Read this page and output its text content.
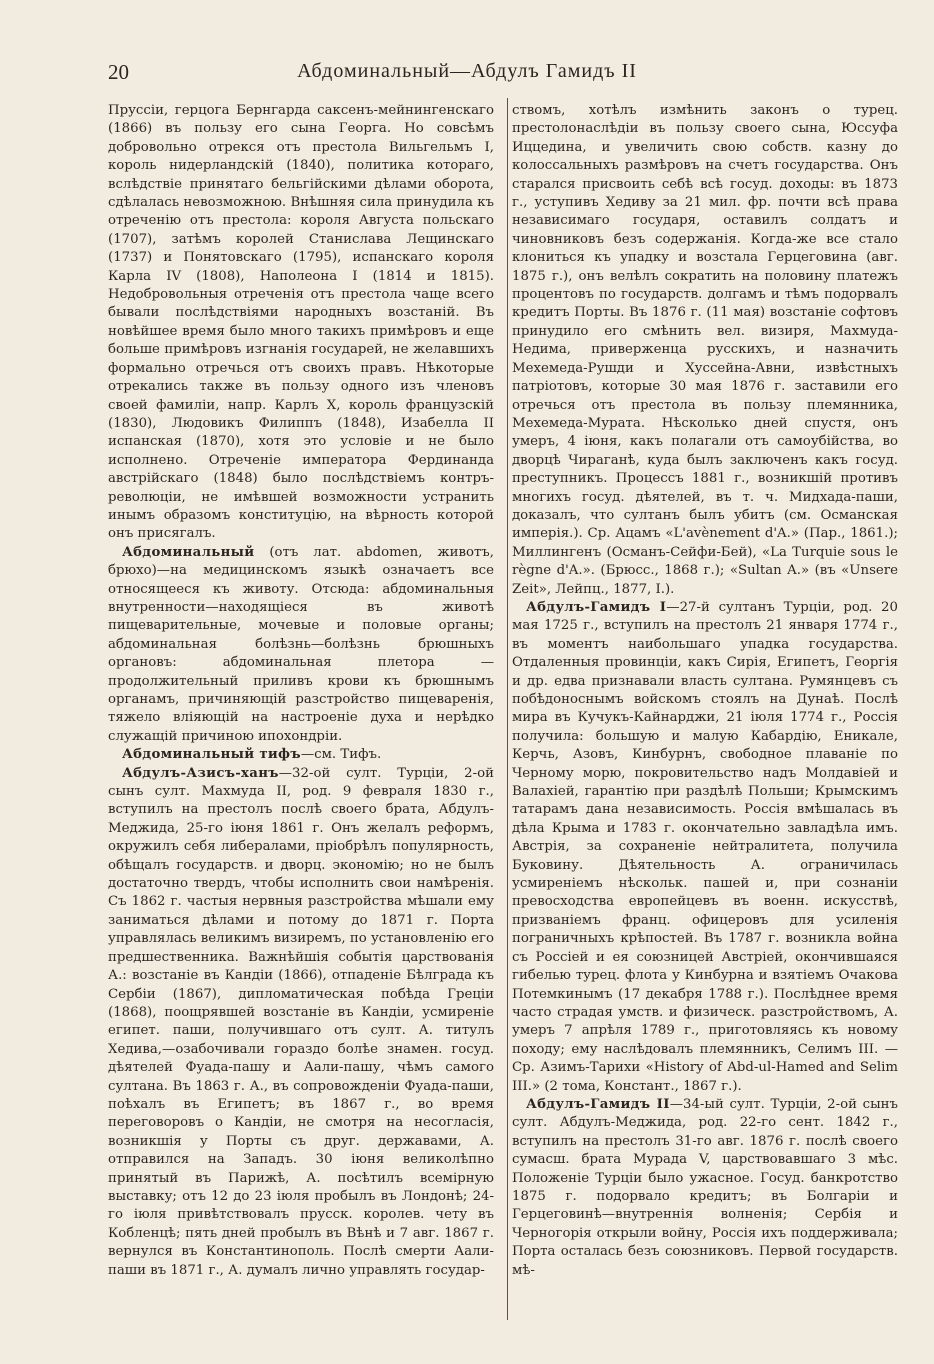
20	Абдоминальный—Абдулъ Гамидъ II

Пруссіи, герцога Бернгарда саксенъ-мейнингенскаго (1866) въ пользу его сына Георга. Но совсѣмъ добровольно отрекся отъ престола Вильгельмъ I, король нидерландскій (1840), политика котораго, вслѣдствіе принятаго бельгійскими дѣлами оборота, сдѣлалась невозможною. Внѣшняя сила принудила къ отреченію отъ престола: короля Августа польскаго (1707), затѣмъ королей Станислава Лещинскаго (1737) и Понятовскаго (1795), испанскаго короля Карла IV (1808), Наполеона I (1814 и 1815). Недобровольныя отреченія отъ престола чаще всего бывали послѣдствіями народныхъ возстаній. Въ новѣйшее время было много такихъ примѣровъ и еще больше примѣровъ изгнанія государей, не желавшихъ формально отречься отъ своихъ правъ. Нѣкоторые отрекались также въ пользу одного изъ членовъ своей фамиліи, напр. Карлъ X, король французскій (1830), Людовикъ Филиппъ (1848), Изабелла II испанская (1870), хотя это условіе и не было исполнено. Отреченіе императора Фердинанда австрійскаго (1848) было послѣдствіемъ контръ-революціи, не имѣвшей возможности устранить инымъ образомъ конституцію, на вѣрность которой онъ присягалъ.

Абдоминальный (отъ лат. abdomen, животъ, брюхо)—на медицинскомъ языкѣ означаетъ все относящееся къ животу. Отсюда: абдоминальныя внутренности—находящіеся въ животѣ пищеварительные, мочевые и половые органы; абдоминальная болѣзнь—болѣзнь брюшныхъ органовъ: абдоминальная плетора — продолжительный приливъ крови къ брюшнымъ органамъ, причиняющій разстройство пищеваренія, тяжело вліяющій на настроеніе духа и нерѣдко служащій причиною ипохондріи.

Абдоминальный тифъ—см. Тифъ.

Абдулъ-Азисъ-ханъ—32-ой султ. Турціи, 2-ой сынъ султ. Махмуда II, род. 9 февраля 1830 г., вступилъ на престолъ послѣ своего брата, Абдулъ-Меджида, 25-го іюня 1861 г. Онъ желалъ реформъ, окружилъ себя либералами, пріобрѣлъ популярность, обѣщалъ государств. и дворц. экономію; но не былъ достаточно твердъ, чтобы исполнить свои намѣренія. Съ 1862 г. частыя нервныя разстройства мѣшали ему заниматься дѣлами и потому до 1871 г. Порта управлялась великимъ визиремъ, по установленію его предшественника. Важнѣйшія событія царствованія А.: возстаніе въ Кандіи (1866), отпаденіе Бѣлграда къ Сербіи (1867), дипломатическая побѣда Греціи (1868), поощрявшей возстаніе въ Кандіи, усмиреніе египет. паши, получившаго отъ султ. А. титулъ Хедива,—озабочивали гораздо болѣе знамен. госуд. дѣятелей Фуада-пашу и Аали-пашу, чѣмъ самого султана. Въ 1863 г. А., въ сопровожденіи Фуада-паши, поѣхалъ въ Египетъ; въ 1867 г., во время переговоровъ о Кандіи, не смотря на несогласія, возникшія у Порты съ друг. державами, А. отправился на Западъ. 30 іюня великолѣпно принятый въ Парижѣ, А. посѣтилъ всемірную выставку; отъ 12 до 23 іюля пробылъ въ Лондонѣ; 24-го іюля привѣтствовалъ прусск. королев. чету въ Кобленцѣ; пять дней пробылъ въ Вѣнѣ и 7 авг. 1867 г. вернулся въ Константинополь. Послѣ смерти Аали-паши въ 1871 г., А. думалъ лично управлять государ-

ствомъ, хотѣлъ измѣнить законъ о турец. престолонаслѣдіи въ пользу своего сына, Юссуфа Иццедина, и увеличить свою собств. казну до колоссальныхъ размѣровъ на счетъ государства. Онъ старался присвоить себѣ всѣ госуд. доходы: въ 1873 г., уступивъ Хедиву за 21 мил. фр. почти всѣ права независимаго государя, оставилъ солдатъ и чиновниковъ безъ содержанія. Когда-же все стало клониться къ упадку и возстала Герцеговина (авг. 1875 г.), онъ велѣлъ сократить на половину платежъ процентовъ по государств. долгамъ и тѣмъ подорвалъ кредитъ Порты. Въ 1876 г. (11 мая) возстаніе софтовъ принудило его смѣнить вел. визиря, Махмуда-Недима, приверженца русскихъ, и назначить Мехемеда-Рушди и Хуссейна-Авни, извѣстныхъ патріотовъ, которые 30 мая 1876 г. заставили его отречься отъ престола въ пользу племянника, Мехемеда-Мурата. Нѣсколько дней спустя, онъ умеръ, 4 іюня, какъ полагали отъ самоубійства, во дворцѣ Чираганѣ, куда былъ заключенъ какъ госуд. преступникъ. Процессъ 1881 г., возникшій противъ многихъ госуд. дѣятелей, въ т. ч. Мидхада-паши, доказалъ, что султанъ былъ убитъ (см. Османская имперія.). Ср. Ацамъ «L'avènement d'A.» (Пар., 1861.); Миллингенъ (Османъ-Сейфи-Бей), «La Turquie sous le règne d'A.». (Брюсс., 1868 г.); «Sultan A.» (въ «Unsere Zeit», Лейпц., 1877, I.).

Абдулъ-Гамидъ I—27-й султанъ Турціи, род. 20 мая 1725 г., вступилъ на престолъ 21 января 1774 г., въ моментъ наибольшаго упадка государства. Отдаленныя провинціи, какъ Сирія, Египетъ, Георгія и др. едва признавали власть султана. Румянцевъ съ побѣдоноснымъ войскомъ стоялъ на Дунаѣ. Послѣ мира въ Кучукъ-Кайнарджи, 21 іюля 1774 г., Россія получила: большую и малую Кабардію, Еникале, Керчь, Азовъ, Кинбурнъ, свободное плаваніе по Черному морю, покровительство надъ Молдавіей и Валахіей, гарантію при раздѣлѣ Польши; Крымскимъ татарамъ дана независимость. Россія вмѣшалась въ дѣла Крыма и 1783 г. окончательно завладѣла имъ. Австрія, за сохраненіе нейтралитета, получила Буковину. Дѣятельность А. ограничилась усмиреніемъ нѣскольк. пашей и, при сознаніи превосходства европейцевъ въ военн. искусствѣ, призваніемъ франц. офицеровъ для усиленія пограничныхъ крѣпостей. Въ 1787 г. возникла война съ Россіей и ея союзницей Австріей, окончившаяся гибелью турец. флота у Кинбурна и взятіемъ Очакова Потемкинымъ (17 декабря 1788 г.). Послѣднее время часто страдая умств. и физическ. разстройствомъ, А. умеръ 7 апрѣля 1789 г., приготовляясь къ новому походу; ему наслѣдовалъ племянникъ, Селимъ III. — Ср. Азимъ-Тарихи «History of Abd-ul-Hamed and Selim III.» (2 тома, Констант., 1867 г.).

Абдулъ-Гамидъ II—34-ый султ. Турціи, 2-ой сынъ султ. Абдулъ-Меджида, род. 22-го сент. 1842 г., вступилъ на престолъ 31-го авг. 1876 г. послѣ своего сумасш. брата Мурада V, царствовавшаго 3 мѣс. Положеніе Турціи было ужасное. Госуд. банкротство 1875 г. подорвало кредитъ; въ Болгаріи и Герцеговинѣ—внутреннія волненія; Сербія и Черногорія открыли войну, Россія ихъ поддерживала; Порта осталась безъ союзниковъ. Первой государств. мѣ-
